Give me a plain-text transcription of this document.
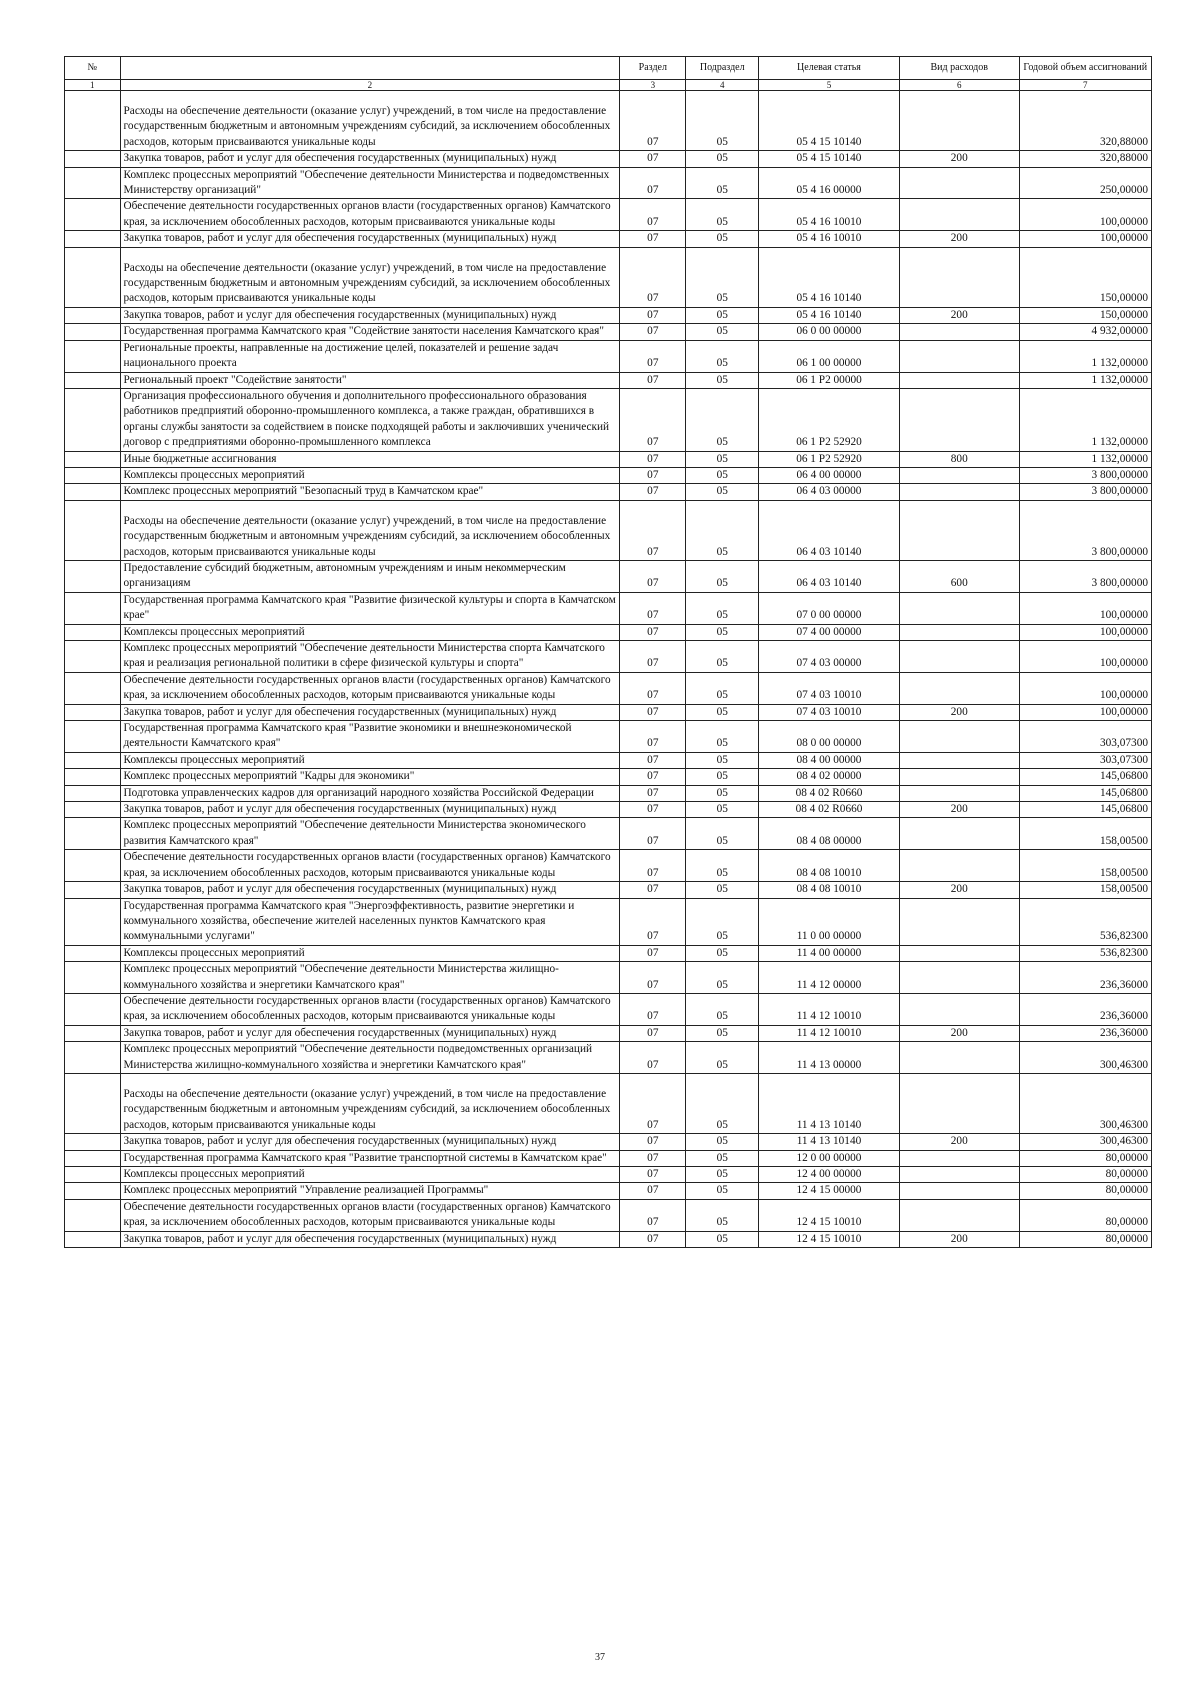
№		Раздел	Подраздел	Целевая статья	Вид расходов	Годовой объем ассигнований
1	2	3	4	5	6	7
	Расходы на обеспечение деятельности (оказание услуг) учреждений, в том числе на предоставление государственным бюджетным и автономным учреждениям субсидий, за исключением обособленных расходов, которым присваиваются уникальные коды	07	05	05 4 15 10140		320,88000
	Закупка товаров, работ и услуг для обеспечения государственных (муниципальных) нужд	07	05	05 4 15 10140	200	320,88000
	Комплекс процессных мероприятий "Обеспечение деятельности Министерства и подведомственных Министерству организаций"	07	05	05 4 16 00000		250,00000
	Обеспечение деятельности государственных органов власти (государственных органов) Камчатского края, за исключением обособленных расходов, которым присваиваются уникальные коды	07	05	05 4 16 10010		100,00000
	Закупка товаров, работ и услуг для обеспечения государственных (муниципальных) нужд	07	05	05 4 16 10010	200	100,00000
	Расходы на обеспечение деятельности (оказание услуг) учреждений, в том числе на предоставление государственным бюджетным и автономным учреждениям субсидий, за исключением обособленных расходов, которым присваиваются уникальные коды	07	05	05 4 16 10140		150,00000
	Закупка товаров, работ и услуг для обеспечения государственных (муниципальных) нужд	07	05	05 4 16 10140	200	150,00000
	Государственная программа Камчатского края "Содействие занятости населения Камчатского края"	07	05	06 0 00 00000		4 932,00000
	Региональные проекты, направленные на достижение целей, показателей и решение задач национального проекта	07	05	06 1 00 00000		1 132,00000
	Региональный проект "Содействие занятости"	07	05	06 1 P2 00000		1 132,00000
	Организация профессионального обучения и дополнительного профессионального образования работников предприятий оборонно-промышленного комплекса, а также граждан, обратившихся в органы службы занятости за содействием в поиске подходящей работы и заключивших ученический договор с предприятиями оборонно-промышленного комплекса	07	05	06 1 P2 52920		1 132,00000
	Иные бюджетные ассигнования	07	05	06 1 P2 52920	800	1 132,00000
	Комплексы процессных мероприятий	07	05	06 4 00 00000		3 800,00000
	Комплекс процессных мероприятий "Безопасный труд в Камчатском крае"	07	05	06 4 03 00000		3 800,00000
	Расходы на обеспечение деятельности (оказание услуг) учреждений, в том числе на предоставление государственным бюджетным и автономным учреждениям субсидий, за исключением обособленных расходов, которым присваиваются уникальные коды	07	05	06 4 03 10140		3 800,00000
	Предоставление субсидий бюджетным, автономным учреждениям и иным некоммерческим организациям	07	05	06 4 03 10140	600	3 800,00000
	Государственная программа Камчатского края "Развитие физической культуры и спорта в Камчатском крае"	07	05	07 0 00 00000		100,00000
	Комплексы процессных мероприятий	07	05	07 4 00 00000		100,00000
	Комплекс процессных мероприятий "Обеспечение деятельности Министерства спорта Камчатского края и реализация региональной политики в сфере физической культуры и спорта"	07	05	07 4 03 00000		100,00000
	Обеспечение деятельности государственных органов власти (государственных органов) Камчатского края, за исключением обособленных расходов, которым присваиваются уникальные коды	07	05	07 4 03 10010		100,00000
	Закупка товаров, работ и услуг для обеспечения государственных (муниципальных) нужд	07	05	07 4 03 10010	200	100,00000
	Государственная программа Камчатского края "Развитие экономики и внешнеэкономической деятельности Камчатского края"	07	05	08 0 00 00000		303,07300
	Комплексы процессных мероприятий	07	05	08 4 00 00000		303,07300
	Комплекс процессных мероприятий "Кадры для экономики"	07	05	08 4 02 00000		145,06800
	Подготовка управленческих кадров для организаций народного хозяйства Российской Федерации	07	05	08 4 02 R0660		145,06800
	Закупка товаров, работ и услуг для обеспечения государственных (муниципальных) нужд	07	05	08 4 02 R0660	200	145,06800
	Комплекс процессных мероприятий "Обеспечение деятельности Министерства экономического развития Камчатского края"	07	05	08 4 08 00000		158,00500
	Обеспечение деятельности государственных органов власти (государственных органов) Камчатского края, за исключением обособленных расходов, которым присваиваются уникальные коды	07	05	08 4 08 10010		158,00500
	Закупка товаров, работ и услуг для обеспечения государственных (муниципальных) нужд	07	05	08 4 08 10010	200	158,00500
	Государственная программа Камчатского края "Энергоэффективность, развитие энергетики и коммунального хозяйства, обеспечение жителей населенных пунктов Камчатского края коммунальными услугами"	07	05	11 0 00 00000		536,82300
	Комплексы процессных мероприятий	07	05	11 4 00 00000		536,82300
	Комплекс процессных мероприятий "Обеспечение деятельности Министерства жилищно-коммунального хозяйства и энергетики Камчатского края"	07	05	11 4 12 00000		236,36000
	Обеспечение деятельности государственных органов власти (государственных органов) Камчатского края, за исключением обособленных расходов, которым присваиваются уникальные коды	07	05	11 4 12 10010		236,36000
	Закупка товаров, работ и услуг для обеспечения государственных (муниципальных) нужд	07	05	11 4 12 10010	200	236,36000
	Комплекс процессных мероприятий "Обеспечение деятельности подведомственных организаций Министерства жилищно-коммунального хозяйства и энергетики Камчатского края"	07	05	11 4 13 00000		300,46300
	Расходы на обеспечение деятельности (оказание услуг) учреждений, в том числе на предоставление государственным бюджетным и автономным учреждениям субсидий, за исключением обособленных расходов, которым присваиваются уникальные коды	07	05	11 4 13 10140		300,46300
	Закупка товаров, работ и услуг для обеспечения государственных (муниципальных) нужд	07	05	11 4 13 10140	200	300,46300
	Государственная программа Камчатского края "Развитие транспортной системы в Камчатском крае"	07	05	12 0 00 00000		80,00000
	Комплексы процессных мероприятий	07	05	12 4 00 00000		80,00000
	Комплекс процессных мероприятий "Управление реализацией Программы"	07	05	12 4 15 00000		80,00000
	Обеспечение деятельности государственных органов власти (государственных органов) Камчатского края, за исключением обособленных расходов, которым присваиваются уникальные коды	07	05	12 4 15 10010		80,00000
	Закупка товаров, работ и услуг для обеспечения государственных (муниципальных) нужд	07	05	12 4 15 10010	200	80,00000
37
